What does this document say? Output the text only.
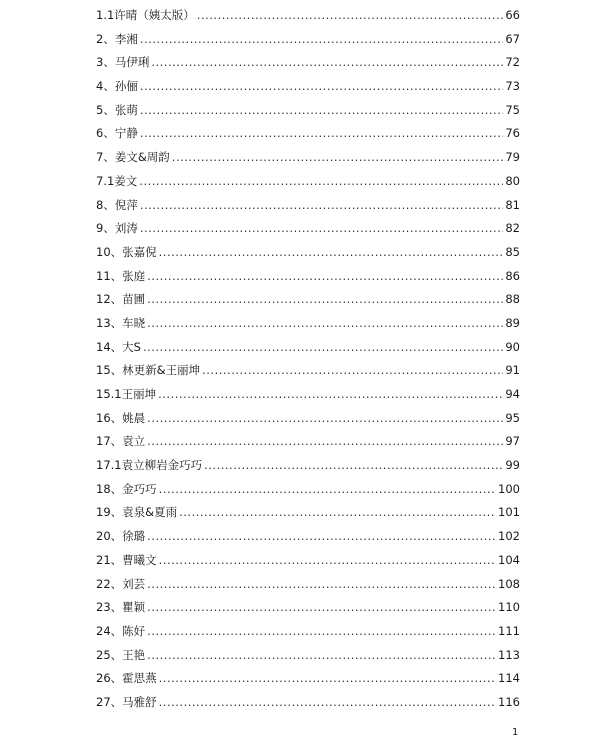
1.1许晴（姨太版） .....	66
2、李湘 .....	67
3、马伊琍 .....	72
4、孙俪 .....	73
5、张萌 .....	75
6、宁静 .....	76
7、姜文&周韵 .....	79
7.1姜文 .....	80
8、倪萍 .....	81
9、刘涛 .....	82
10、张嘉倪 .....	85
11、张庭 .....	86
12、苗圃 .....	88
13、车晓 .....	89
14、大S .....	90
15、林更新&王丽坤 .....	91
15.1王丽坤 .....	94
16、姚晨 .....	95
17、袁立 .....	97
17.1袁立柳岩金巧巧 .....	99
18、金巧巧 .....	100
19、袁泉&夏雨 .....	101
20、徐璐 .....	102
21、曹曦文 .....	104
22、刘芸 .....	108
23、瞿颖 .....	110
24、陈好 .....	111
25、王艳 .....	113
26、霍思燕 .....	114
27、马雅舒 .....	116
1
